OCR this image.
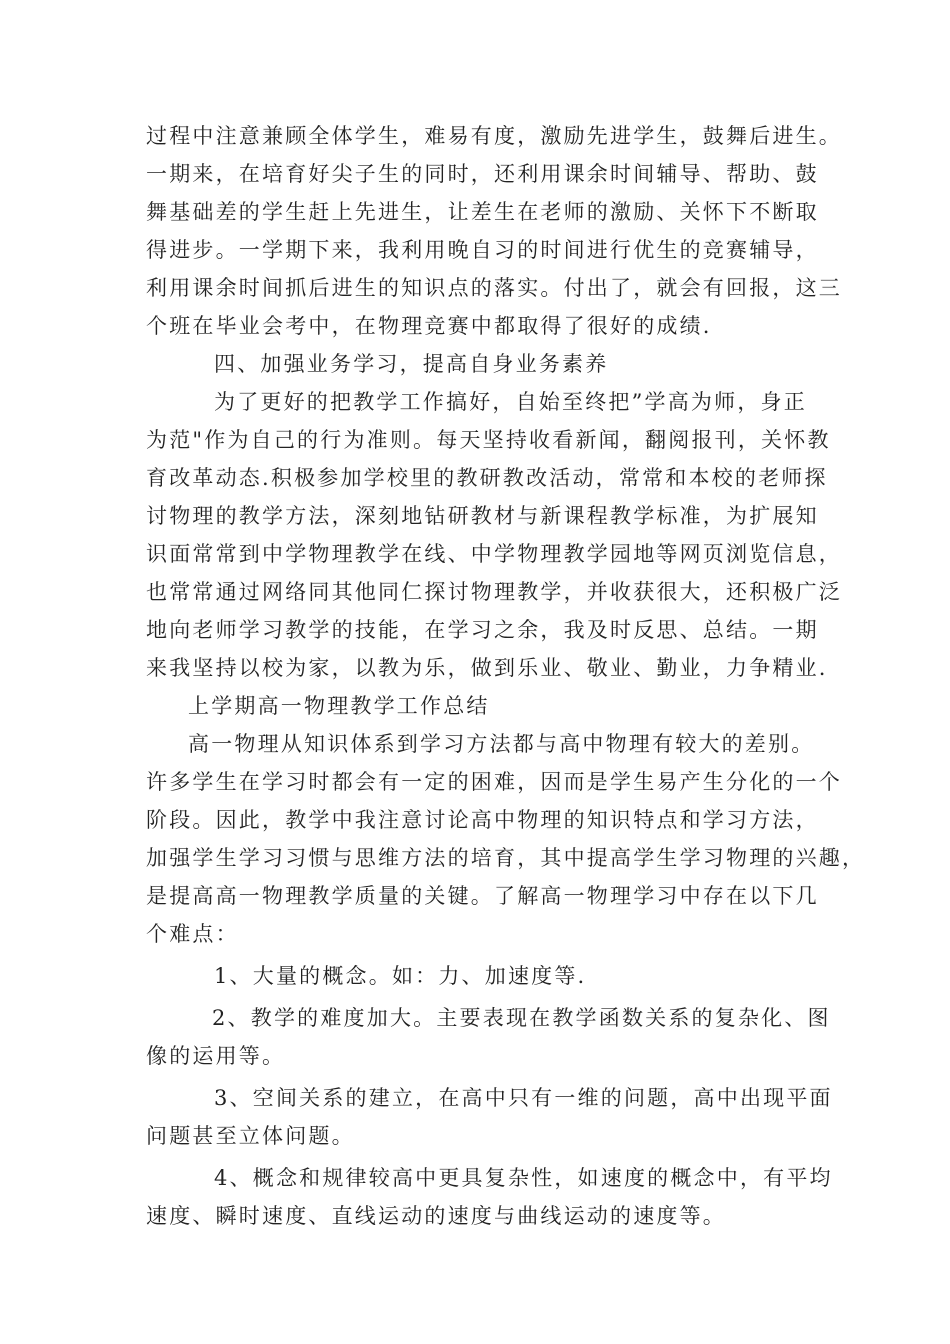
过程中注意兼顾全体学生，难易有度，激励先进学生，鼓舞后进生。
一期来，在培育好尖子生的同时，还利用课余时间辅导、帮助、鼓
舞基础差的学生赶上先进生，让差生在老师的激励、关怀下不断取
得进步。一学期下来，我利用晚自习的时间进行优生的竞赛辅导，
利用课余时间抓后进生的知识点的落实。付出了，就会有回报，这三
个班在毕业会考中，在物理竞赛中都取得了很好的成绩.
四、加强业务学习，提高自身业务素养
为了更好的把教学工作搞好，自始至终把”学高为师，身正
为范"作为自己的行为准则。每天坚持收看新闻，翻阅报刊，关怀教
育改革动态.积极参加学校里的教研教改活动，常常和本校的老师探
讨物理的教学方法，深刻地钻研教材与新课程教学标准，为扩展知
识面常常到中学物理教学在线、中学物理教学园地等网页浏览信息，
也常常通过网络同其他同仁探讨物理教学，并收获很大，还积极广泛
地向老师学习教学的技能，在学习之余，我及时反思、总结。一期
来我坚持以校为家，以教为乐，做到乐业、敬业、勤业，力争精业.
上学期高一物理教学工作总结
高一物理从知识体系到学习方法都与高中物理有较大的差别。
许多学生在学习时都会有一定的困难，因而是学生易产生分化的一个
阶段。因此，教学中我注意讨论高中物理的知识特点和学习方法，
加强学生学习习惯与思维方法的培育，其中提高学生学习物理的兴趣，
是提高高一物理教学质量的关键。了解高一物理学习中存在以下几
个难点：
1、大量的概念。如：力、加速度等.
2、教学的难度加大。主要表现在教学函数关系的复杂化、图
像的运用等。
3、空间关系的建立，在高中只有一维的问题，高中出现平面
问题甚至立体问题。
4、概念和规律较高中更具复杂性，如速度的概念中，有平均
速度、瞬时速度、直线运动的速度与曲线运动的速度等。
